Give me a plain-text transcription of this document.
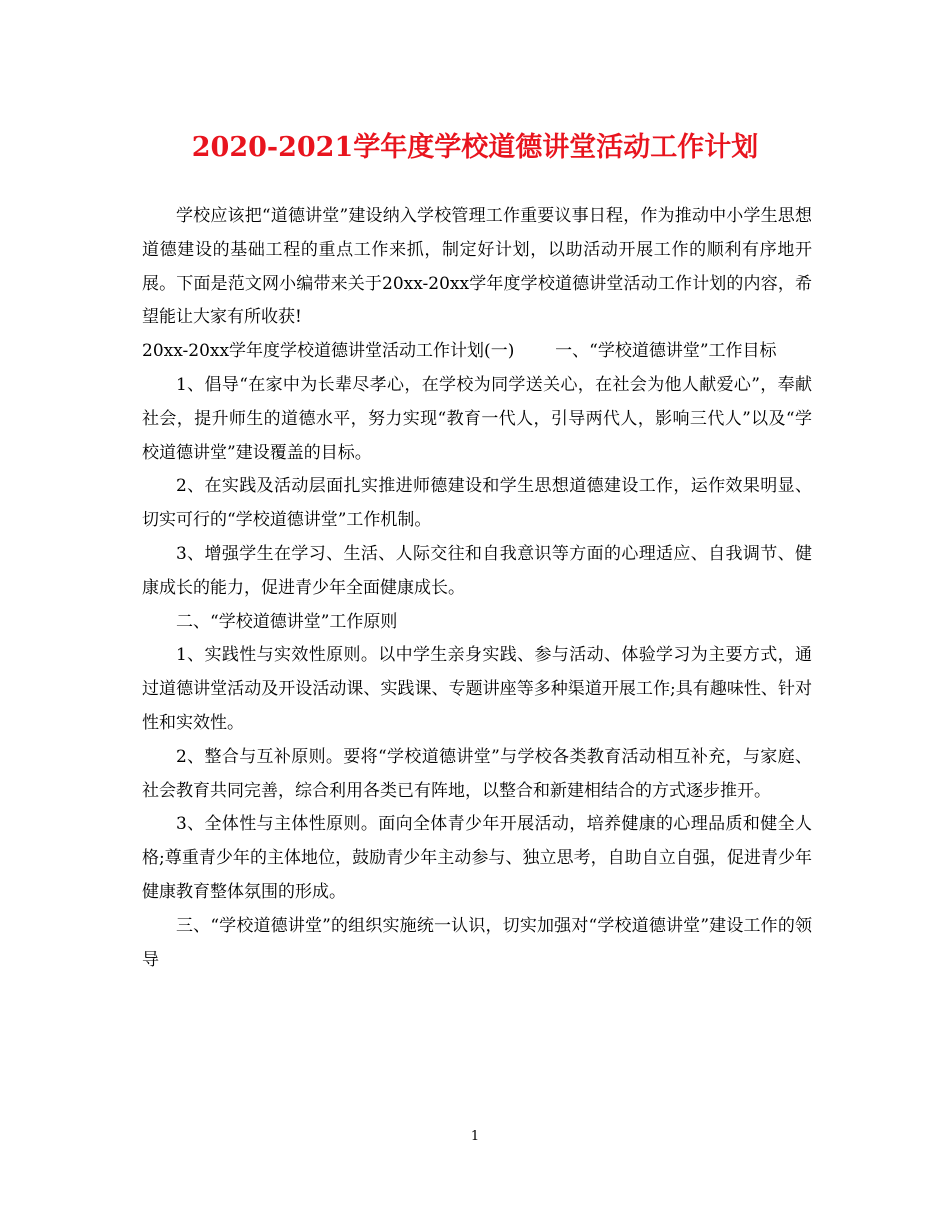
2020-2021学年度学校道德讲堂活动工作计划

学校应该把“道德讲堂”建设纳入学校管理工作重要议事日程，作为推动中小学生思想道德建设的基础工程的重点工作来抓，制定好计划，以助活动开展工作的顺利有序地开展。下面是范文网小编带来关于20xx-20xx学年度学校道德讲堂活动工作计划的内容，希望能让大家有所收获!

20xx-20xx学年度学校道德讲堂活动工作计划(一) 一、“学校道德讲堂”工作目标

1、倡导“在家中为长辈尽孝心，在学校为同学送关心，在社会为他人献爱心”，奉献社会，提升师生的道德水平，努力实现“教育一代人，引导两代人，影响三代人”以及“学校道德讲堂”建设覆盖的目标。

2、在实践及活动层面扎实推进师德建设和学生思想道德建设工作，运作效果明显、切实可行的“学校道德讲堂”工作机制。

3、增强学生在学习、生活、人际交往和自我意识等方面的心理适应、自我调节、健康成长的能力，促进青少年全面健康成长。

二、“学校道德讲堂”工作原则

1、实践性与实效性原则。以中学生亲身实践、参与活动、体验学习为主要方式，通过道德讲堂活动及开设活动课、实践课、专题讲座等多种渠道开展工作;具有趣味性、针对性和实效性。

2、整合与互补原则。要将“学校道德讲堂”与学校各类教育活动相互补充，与家庭、社会教育共同完善，综合利用各类已有阵地，以整合和新建相结合的方式逐步推开。

3、全体性与主体性原则。面向全体青少年开展活动，培养健康的心理品质和健全人格;尊重青少年的主体地位，鼓励青少年主动参与、独立思考，自助自立自强，促进青少年健康教育整体氛围的形成。

三、“学校道德讲堂”的组织实施统一认识，切实加强对“学校道德讲堂”建设工作的领导

1
